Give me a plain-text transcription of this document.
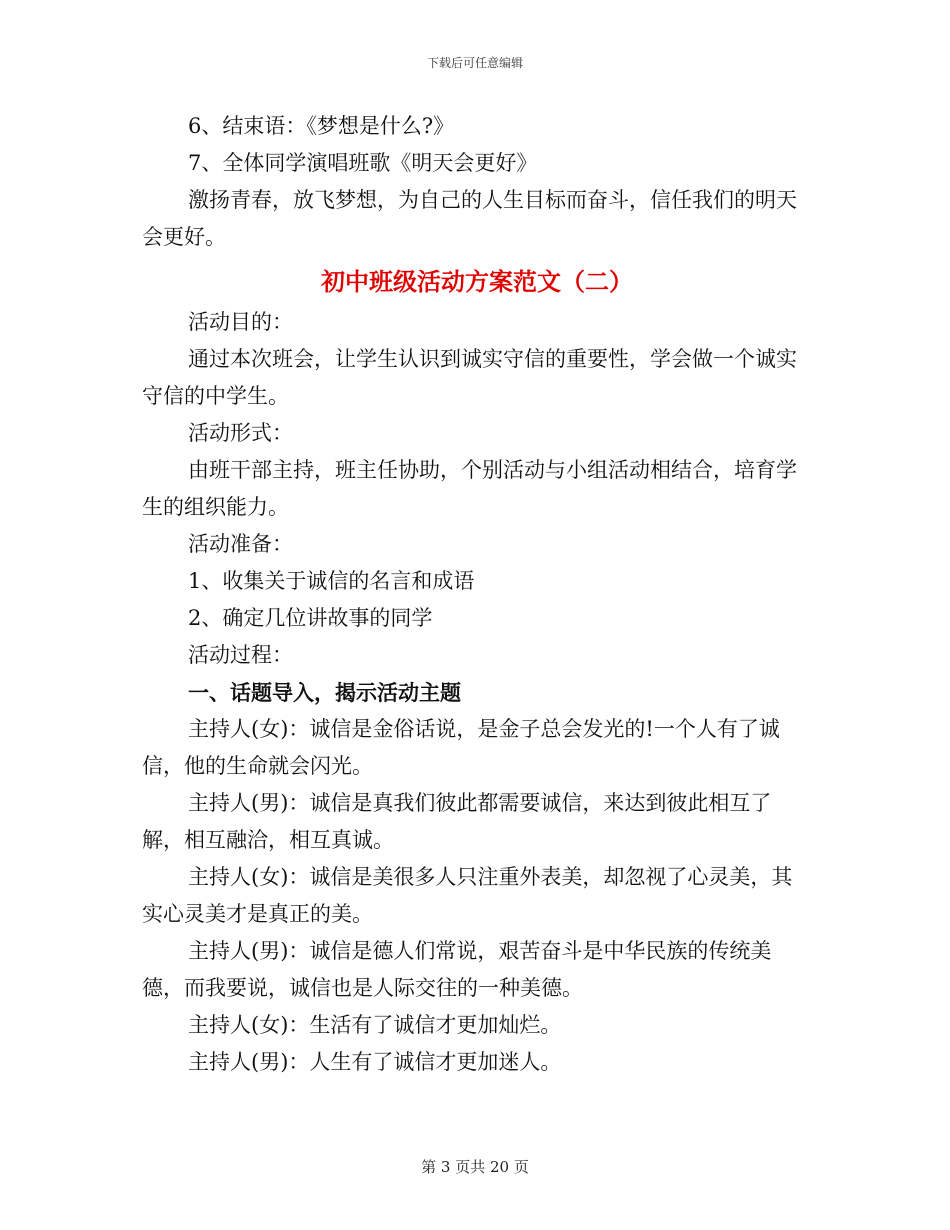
下载后可任意编辑

6、结束语：《梦想是什么?》

7、全体同学演唱班歌《明天会更好》

激扬青春，放飞梦想，为自己的人生目标而奋斗，信任我们的明天会更好。

初中班级活动方案范文（二）

活动目的：

通过本次班会，让学生认识到诚实守信的重要性，学会做一个诚实守信的中学生。

活动形式：

由班干部主持，班主任协助，个别活动与小组活动相结合，培育学生的组织能力。

活动准备：

1、收集关于诚信的名言和成语

2、确定几位讲故事的同学

活动过程：

一、话题导入，揭示活动主题

主持人(女)：诚信是金俗话说，是金子总会发光的!一个人有了诚信，他的生命就会闪光。

主持人(男)：诚信是真我们彼此都需要诚信，来达到彼此相互了解，相互融洽，相互真诚。

主持人(女)：诚信是美很多人只注重外表美，却忽视了心灵美，其实心灵美才是真正的美。

主持人(男)：诚信是德人们常说，艰苦奋斗是中华民族的传统美德，而我要说，诚信也是人际交往的一种美德。

主持人(女)：生活有了诚信才更加灿烂。

主持人(男)：人生有了诚信才更加迷人。

第 3 页共 20 页
